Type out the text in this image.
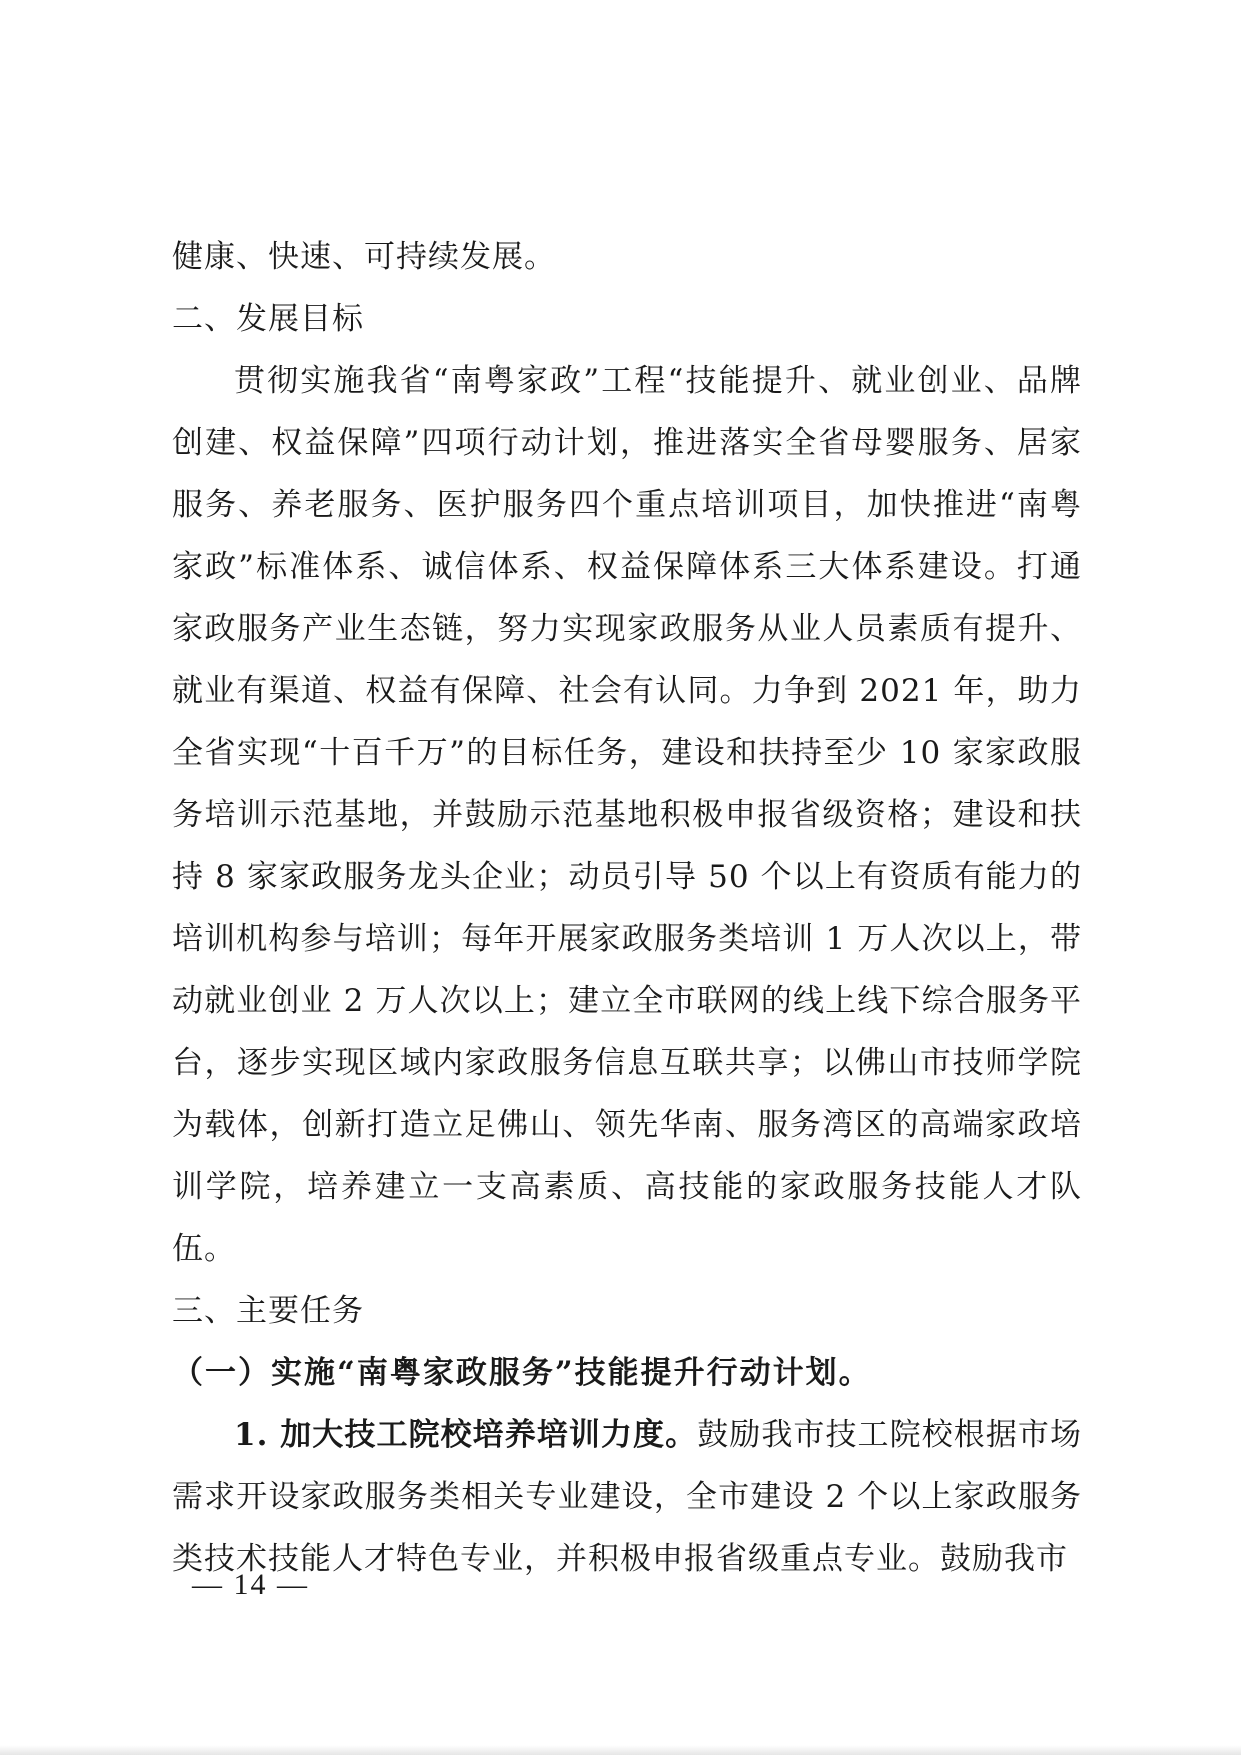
健康、快速、可持续发展。

二、发展目标

贯彻实施我省“南粤家政”工程“技能提升、就业创业、品牌创建、权益保障”四项行动计划，推进落实全省母婴服务、居家服务、养老服务、医护服务四个重点培训项目，加快推进“南粤家政”标准体系、诚信体系、权益保障体系三大体系建设。打通家政服务产业生态链，努力实现家政服务从业人员素质有提升、就业有渠道、权益有保障、社会有认同。力争到 2021 年，助力全省实现“十百千万”的目标任务，建设和扶持至少 10 家家政服务培训示范基地，并鼓励示范基地积极申报省级资格；建设和扶持 8 家家政服务龙头企业；动员引导 50 个以上有资质有能力的培训机构参与培训；每年开展家政服务类培训 1 万人次以上，带动就业创业 2 万人次以上；建立全市联网的线上线下综合服务平台，逐步实现区域内家政服务信息互联共享；以佛山市技师学院为载体，创新打造立足佛山、领先华南、服务湾区的高端家政培训学院，培养建立一支高素质、高技能的家政服务技能人才队伍。

三、主要任务

（一）实施“南粤家政服务”技能提升行动计划。

1. 加大技工院校培养培训力度。鼓励我市技工院校根据市场需求开设家政服务类相关专业建设，全市建设 2 个以上家政服务类技术技能人才特色专业，并积极申报省级重点专业。鼓励我市

— 14 —
